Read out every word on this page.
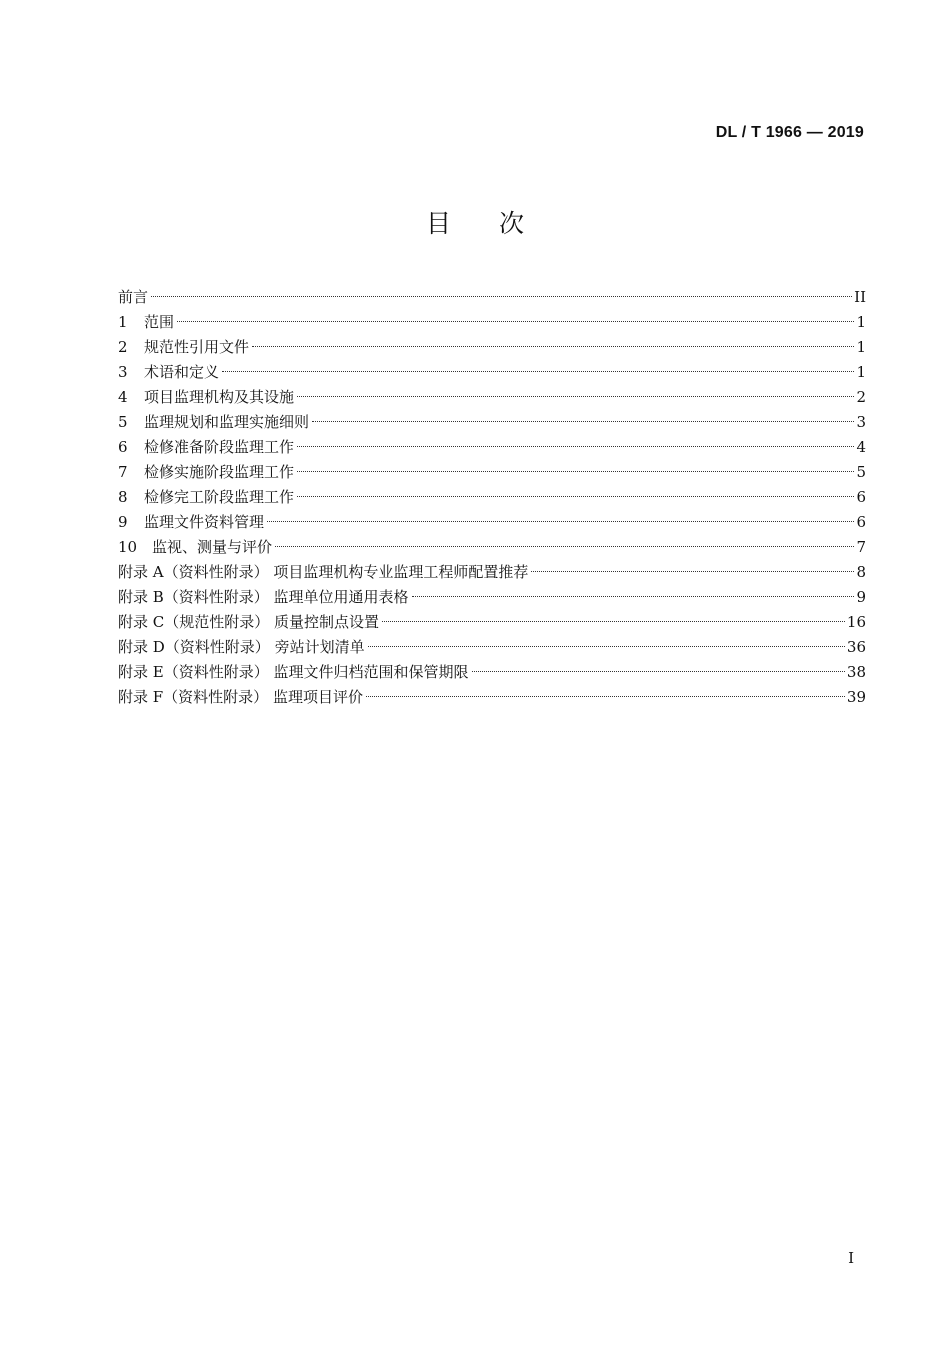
DL / T 1966 — 2019
目 次
前言	II
1 范围	1
2 规范性引用文件	1
3 术语和定义	1
4 项目监理机构及其设施	2
5 监理规划和监理实施细则	3
6 检修准备阶段监理工作	4
7 检修实施阶段监理工作	5
8 检修完工阶段监理工作	6
9 监理文件资料管理	6
10 监视、测量与评价	7
附录 A（资料性附录） 项目监理机构专业监理工程师配置推荐	8
附录 B（资料性附录） 监理单位用通用表格	9
附录 C（规范性附录） 质量控制点设置	16
附录 D（资料性附录） 旁站计划清单	36
附录 E（资料性附录） 监理文件归档范围和保管期限	38
附录 F（资料性附录） 监理项目评价	39
I
